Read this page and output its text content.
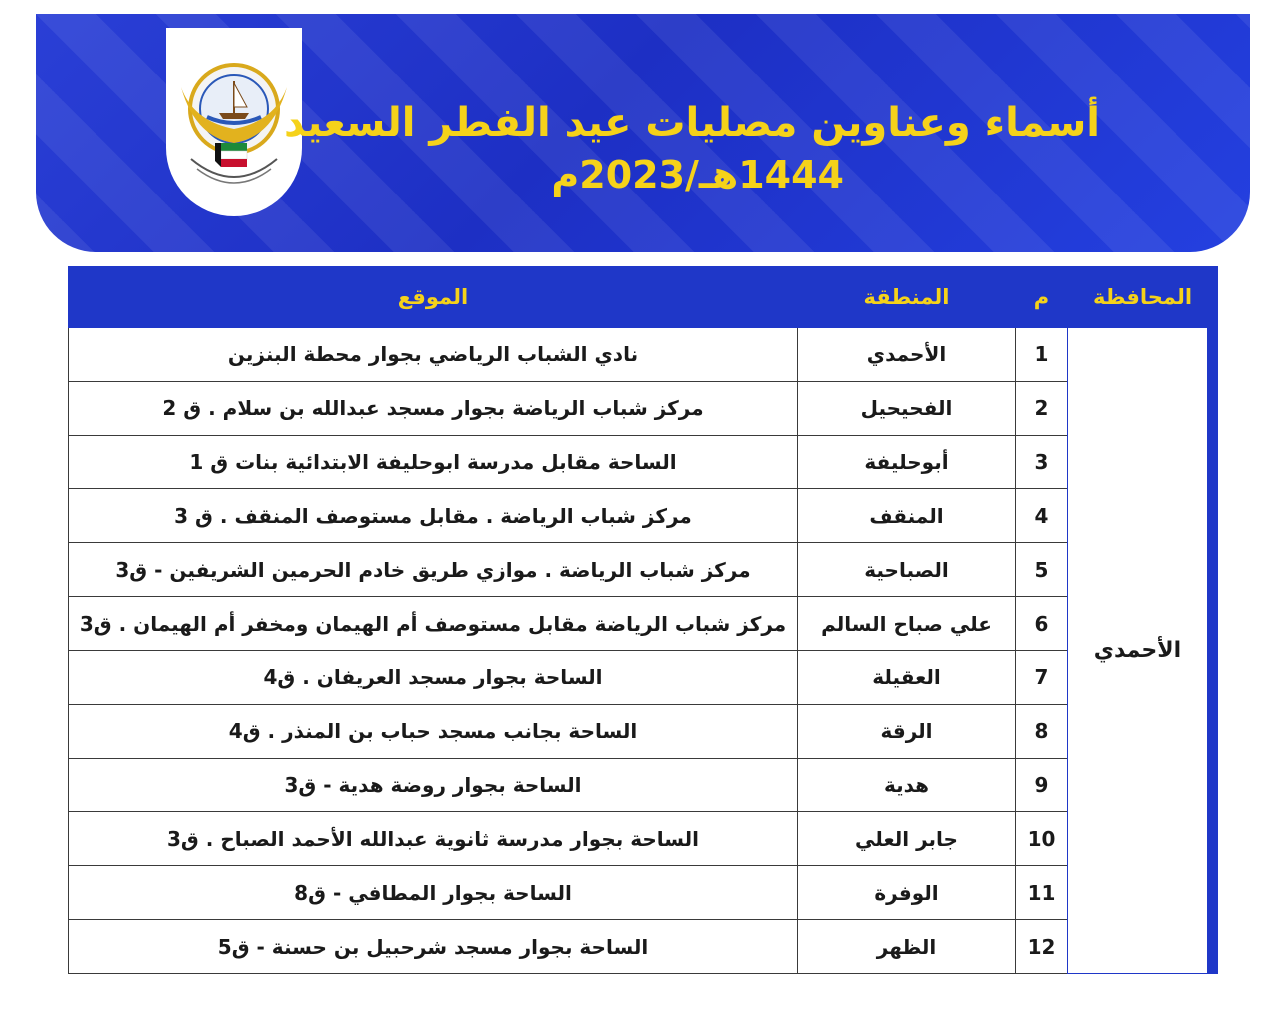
أسماء وعناوين مصليات عيد الفطر السعيد
1444هـ/2023م
المحافظة	م	المنطقة	الموقع

الأحمدي	1	الأحمدي	نادي الشباب الرياضي بجوار محطة البنزين
	2	الفحيحيل	مركز شباب الرياضة بجوار مسجد عبدالله بن سلام . ق 2
	3	أبوحليفة	الساحة مقابل مدرسة ابوحليفة الابتدائية بنات ق 1
	4	المنقف	مركز شباب الرياضة . مقابل مستوصف المنقف . ق 3
	5	الصباحية	مركز شباب الرياضة . موازي طريق خادم الحرمين الشريفين - ق3
	6	علي صباح السالم	مركز شباب الرياضة مقابل مستوصف أم الهيمان ومخفر أم الهيمان . ق3
	7	العقيلة	الساحة بجوار مسجد العريفان . ق4
	8	الرقة	الساحة بجانب مسجد حباب بن المنذر . ق4
	9	هدية	الساحة بجوار روضة هدية - ق3
	10	جابر العلي	الساحة بجوار مدرسة ثانوية عبدالله الأحمد الصباح . ق3
	11	الوفرة	الساحة بجوار المطافي - ق8
	12	الظهر	الساحة بجوار مسجد شرحبيل بن حسنة - ق5
